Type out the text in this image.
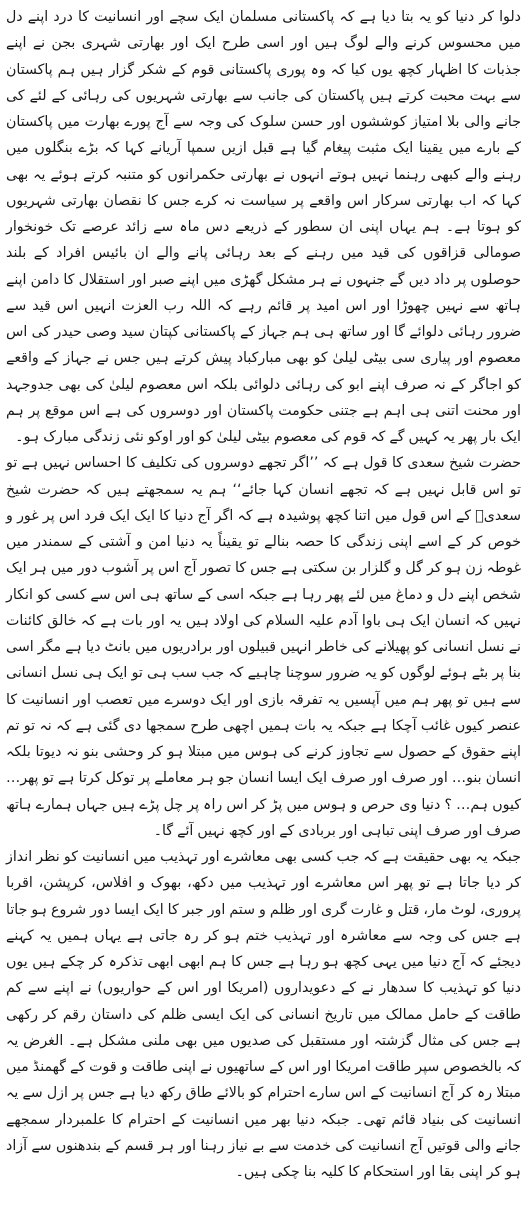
دلوا کر دنیا کو یہ بتا دیا ہے کہ پاکستانی مسلمان ایک سچے اور انسانیت کا درد اپنے دل میں محسوس کرنے والے لوگ ہیں اور اسی طرح ایک اور بھارتی شہری بجن نے اپنے جذبات کا اظہار کچھ یوں کیا کہ وہ پوری پاکستانی قوم کے شکر گزار ہیں ہم پاکستان سے بہت محبت کرتے ہیں پاکستان کی جانب سے بھارتی شہریوں کی رہائی کے لئے کی جانے والی بلا امتیاز کوششوں اور حسن سلوک کی وجہ سے آج پورے بھارت میں پاکستان کے بارے میں یقینا ایک مثبت پیغام گیا ہے قبل ازیں سمپا آریانے کہا کہ بڑے بنگلوں میں رہنے والے کبھی رہنما نہیں ہوتے انہوں نے بھارتی حکمرانوں کو متنبہ کرتے ہوئے یہ بھی کہا کہ اب بھارتی سرکار اس واقعے پر سیاست نہ کرے جس کا نقصان بھارتی شہریوں کو ہوتا ہے۔ ہم یہاں اپنی ان سطور کے ذریعے دس ماہ سے زائد عرصے تک خونخوار صومالی قزاقوں کی قید میں رہنے کے بعد رہائی پانے والے ان بائیس افراد کے بلند حوصلوں پر داد دیں گے جنہوں نے ہر مشکل گھڑی میں اپنے صبر اور استقلال کا دامن اپنے ہاتھ سے نہیں چھوڑا اور اس امید پر قائم رہے کہ اللہ رب العزت انہیں اس قید سے ضرور رہائی دلوائے گا اور ساتھ ہی ہم جہاز کے پاکستانی کپتان سید وصی حیدر کی اس معصوم اور پیاری سی بیٹی لیلیٰ کو بھی مبارکباد پیش کرتے ہیں جس نے جہاز کے واقعے کو اجاگر کے نہ صرف اپنے ابو کی رہائی دلوائی بلکہ اس معصوم لیلیٰ کی بھی جدوجہد اور محنت اتنی ہی اہم ہے جتنی حکومت پاکستان اور دوسروں کی ہے اس موقع پر ہم ایک بار پھر یہ کہیں گے کہ قوم کی معصوم بیٹی لیلیٰ کو اور اوکو نئی زندگی مبارک ہو۔

حضرت شیخ سعدی کا قول ہے کہ ’’اگر تجھے دوسروں کی تکلیف کا احساس نہیں ہے تو تو اس قابل نہیں ہے کہ تجھے انسان کہا جائے‘‘ ہم یہ سمجھتے ہیں کہ حضرت شیخ سعدیؒ کے اس قول میں اتنا کچھ پوشیدہ ہے کہ اگر آج دنیا کا ایک ایک فرد اس پر غور و خوص کر کے اسے اپنی زندگی کا حصہ بنالے تو یقیناً یہ دنیا امن و آشتی کے سمندر میں غوطہ زن ہو کر گل و گلزار بن سکتی ہے جس کا تصور آج اس پر آشوب دور میں ہر ایک شخص اپنے دل و دماغ میں لئے پھر رہا ہے جبکہ اسی کے ساتھ ہی اس سے کسی کو انکار نہیں کہ انسان ایک ہی باوا آدم علیہ السلام کی اولاد ہیں یہ اور بات ہے کہ خالق کائنات نے نسل انسانی کو پھیلانے کی خاطر انہیں قبیلوں اور برادریوں میں بانٹ دیا ہے مگر اسی بنا پر بٹے ہوئے لوگوں کو یہ ضرور سوچنا چاہیے کہ جب سب ہی تو ایک ہی نسل انسانی سے ہیں تو پھر ہم میں آپسیں یہ تفرقہ بازی اور ایک دوسرے میں تعصب اور انسانیت کا عنصر کیوں غائب آچکا ہے جبکہ یہ بات ہمیں اچھی طرح سمجھا دی گئی ہے کہ نہ تو تم اپنے حقوق کے حصول سے تجاوز کرنے کی ہوس میں مبتلا ہو کر وحشی بنو نہ دیوتا بلکہ انسان بنو… اور صرف اور صرف ایک ایسا انسان جو ہر معاملے پر توکل کرتا ہے تو پھر… کیوں ہم… ؟ دنیا وی حرص و ہوس میں پڑ کر اس راہ پر چل پڑے ہیں جہاں ہمارے ہاتھ صرف اور صرف اپنی تباہی اور بربادی کے اور کچھ نہیں آئے گا۔

جبکہ یہ بھی حقیقت ہے کہ جب کسی بھی معاشرے اور تہذیب میں انسانیت کو نظر انداز کر دیا جاتا ہے تو پھر اس معاشرے اور تہذیب میں دکھ، بھوک و افلاس، کرپشن، اقربا پروری، لوٹ مار، قتل و غارت گری اور ظلم و ستم اور جبر کا ایک ایسا دور شروع ہو جاتا ہے جس کی وجہ سے معاشرہ اور تہذیب ختم ہو کر رہ جاتی ہے یہاں ہمیں یہ کہنے دیجئے کہ آج دنیا میں یہی کچھ ہو رہا ہے جس کا ہم ابھی ابھی تذکرہ کر چکے ہیں یوں دنیا کو تہذیب کا سدھار نے کے دعویداروں (امریکا اور اس کے حواریوں) نے اپنے سے کم طاقت کے حامل ممالک میں تاریخ انسانی کی ایک ایسی ظلم کی داستان رقم کر رکھی ہے جس کی مثال گزشتہ اور مستقبل کی صدیوں میں بھی ملنی مشکل ہے۔ الغرض یہ کہ بالخصوص سپر طاقت امریکا اور اس کے ساتھیوں نے اپنی طاقت و قوت کے گھمنڈ میں مبتلا رہ کر آج انسانیت کے اس سارے احترام کو بالائے طاق رکھ دیا ہے جس پر ازل سے یہ انسانیت کی بنیاد قائم تھی۔ جبکہ دنیا بھر میں انسانیت کے احترام کا علمبردار سمجھے جانے والی قوتیں آج انسانیت کی خدمت سے بے نیاز رہنا اور ہر قسم کے بندھنوں سے آزاد ہو کر اپنی بقا اور استحکام کا کلیہ بنا چکی ہیں۔
